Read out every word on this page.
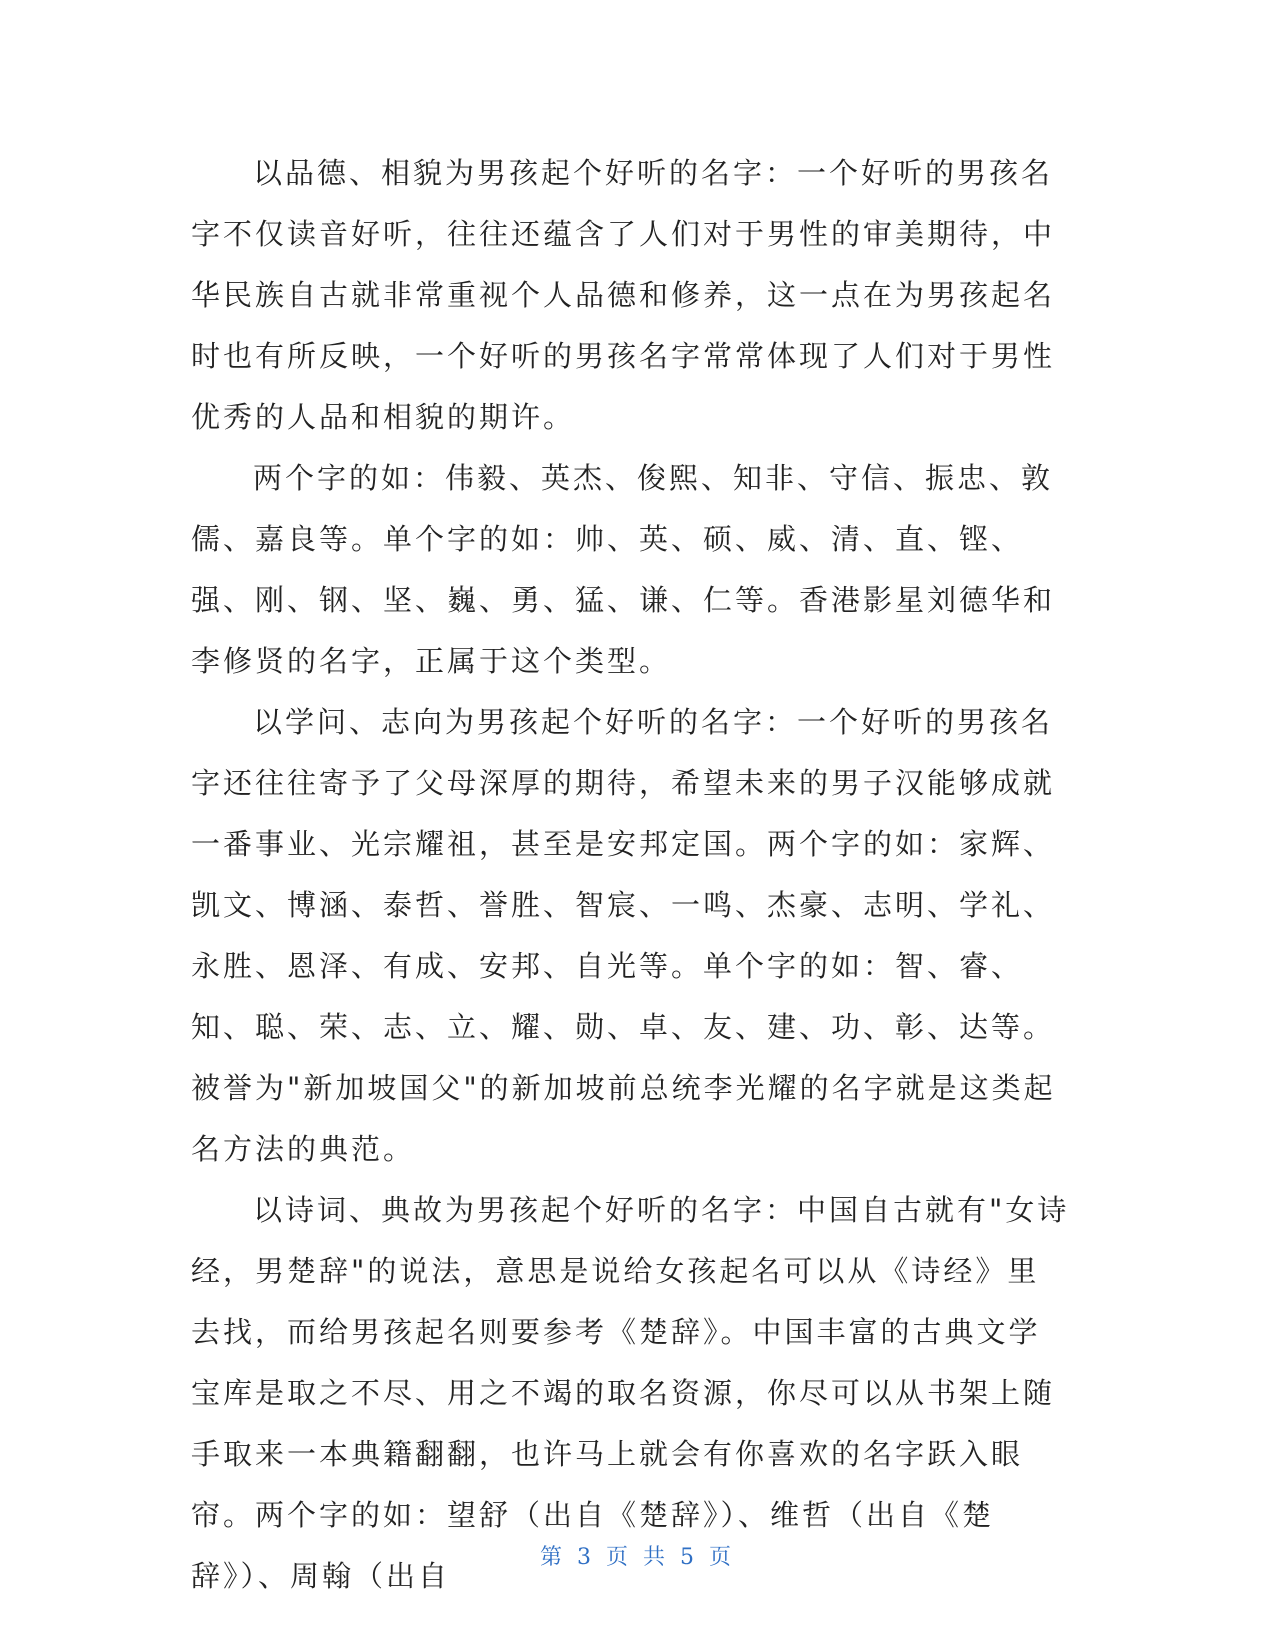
以品德、相貌为男孩起个好听的名字：一个好听的男孩名字不仅读音好听，往往还蕴含了人们对于男性的审美期待，中华民族自古就非常重视个人品德和修养，这一点在为男孩起名时也有所反映，一个好听的男孩名字常常体现了人们对于男性优秀的人品和相貌的期许。

两个字的如：伟毅、英杰、俊熙、知非、守信、振忠、敦儒、嘉良等。单个字的如：帅、英、硕、威、清、直、铿、强、刚、钢、坚、巍、勇、猛、谦、仁等。香港影星刘德华和李修贤的名字，正属于这个类型。

以学问、志向为男孩起个好听的名字：一个好听的男孩名字还往往寄予了父母深厚的期待，希望未来的男子汉能够成就一番事业、光宗耀祖，甚至是安邦定国。两个字的如：家辉、凯文、博涵、泰哲、誉胜、智宸、一鸣、杰豪、志明、学礼、永胜、恩泽、有成、安邦、自光等。单个字的如：智、睿、知、聪、荣、志、立、耀、勋、卓、友、建、功、彰、达等。被誉为"新加坡国父"的新加坡前总统李光耀的名字就是这类起名方法的典范。

以诗词、典故为男孩起个好听的名字：中国自古就有"女诗经，男楚辞"的说法，意思是说给女孩起名可以从《诗经》里去找，而给男孩起名则要参考《楚辞》。中国丰富的古典文学宝库是取之不尽、用之不竭的取名资源，你尽可以从书架上随手取来一本典籍翻翻，也许马上就会有你喜欢的名字跃入眼帘。两个字的如：望舒（出自《楚辞》）、维哲（出自《楚辞》）、周翰（出自

第 3 页 共 5 页
